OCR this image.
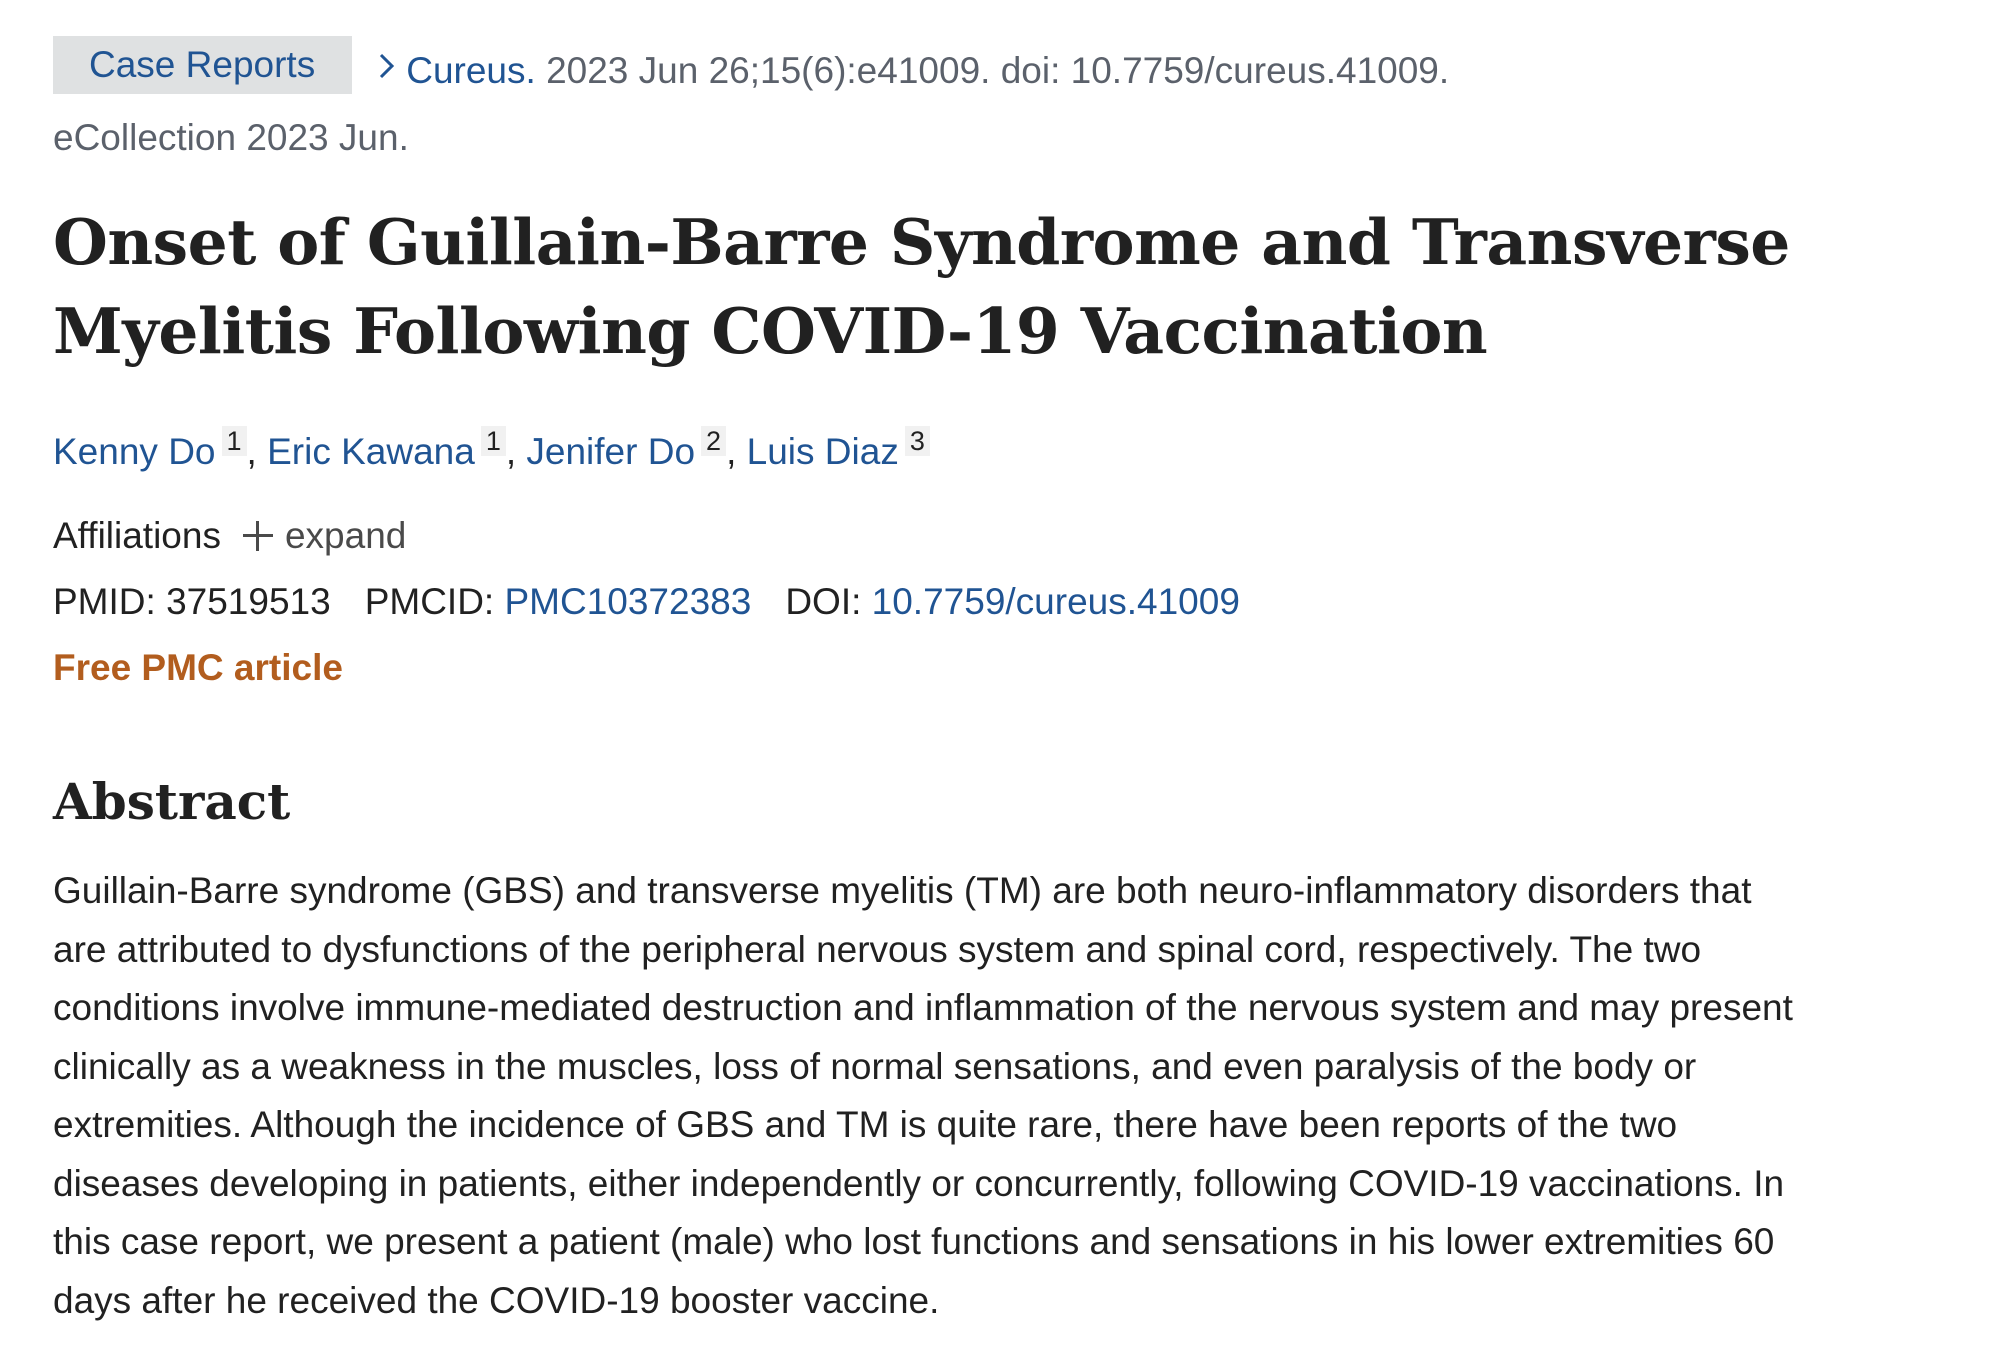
Case Reports Cureus. 2023 Jun 26;15(6):e41009. doi: 10.7759/cureus.41009.
eCollection 2023 Jun.
Onset of Guillain-Barre Syndrome and Transverse Myelitis Following COVID-19 Vaccination
Kenny Do 1 , Eric Kawana 1 , Jenifer Do 2 , Luis Diaz 3
Affiliations expand
PMID: 37519513 PMCID: PMC10372383 DOI: 10.7759/cureus.41009
Free PMC article
Abstract
Guillain-Barre syndrome (GBS) and transverse myelitis (TM) are both neuro-inflammatory disorders that are attributed to dysfunctions of the peripheral nervous system and spinal cord, respectively. The two conditions involve immune-mediated destruction and inflammation of the nervous system and may present clinically as a weakness in the muscles, loss of normal sensations, and even paralysis of the body or extremities. Although the incidence of GBS and TM is quite rare, there have been reports of the two diseases developing in patients, either independently or concurrently, following COVID-19 vaccinations. In this case report, we present a patient (male) who lost functions and sensations in his lower extremities 60 days after he received the COVID-19 booster vaccine.
